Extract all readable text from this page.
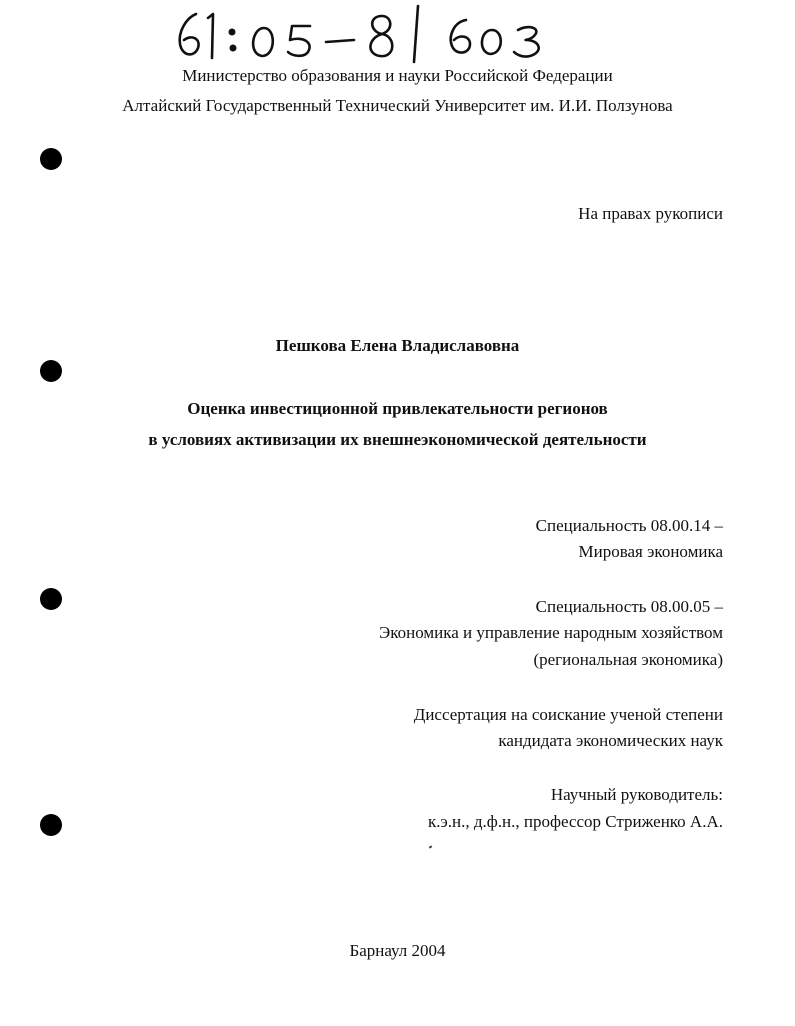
Министерство образования и науки Российской Федерации
Алтайский Государственный Технический Университет им. И.И. Ползунова
На правах рукописи
Пешкова Елена Владиславовна
Оценка инвестиционной привлекательности регионов
в условиях активизации их внешнеэкономической деятельности
Специальность 08.00.14 –
Мировая экономика
Специальность 08.00.05 –
Экономика и управление народным хозяйством
(региональная экономика)
Диссертация на соискание ученой степени
кандидата экономических наук
Научный руководитель:
к.э.н., д.ф.н., профессор Стриженко А.А.
Барнаул 2004
